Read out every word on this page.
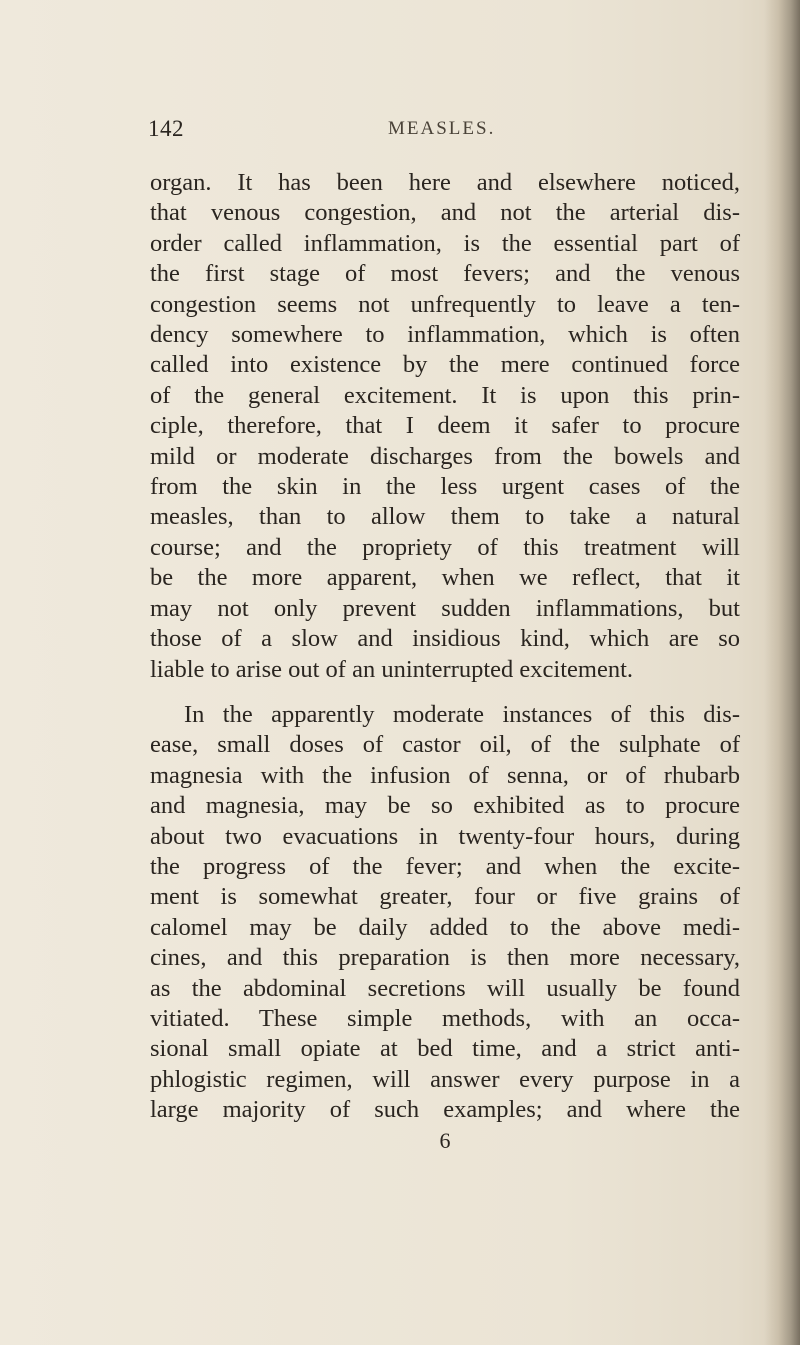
142	MEASLES.

organ. It has been here and elsewhere noticed,
that venous congestion, and not the arterial dis-
order called inflammation, is the essential part of
the first stage of most fevers; and the venous
congestion seems not unfrequently to leave a ten-
dency somewhere to inflammation, which is often
called into existence by the mere continued force
of the general excitement. It is upon this prin-
ciple, therefore, that I deem it safer to procure
mild or moderate discharges from the bowels and
from the skin in the less urgent cases of the
measles, than to allow them to take a natural
course; and the propriety of this treatment will
be the more apparent, when we reflect, that it
may not only prevent sudden inflammations, but
those of a slow and insidious kind, which are so
liable to arise out of an uninterrupted excitement.

In the apparently moderate instances of this dis-
ease, small doses of castor oil, of the sulphate of
magnesia with the infusion of senna, or of rhubarb
and magnesia, may be so exhibited as to procure
about two evacuations in twenty-four hours, during
the progress of the fever; and when the excite-
ment is somewhat greater, four or five grains of
calomel may be daily added to the above medi-
cines, and this preparation is then more necessary,
as the abdominal secretions will usually be found
vitiated. These simple methods, with an occa-
sional small opiate at bed time, and a strict anti-
phlogistic regimen, will answer every purpose in a
large majority of such examples; and where the
6
